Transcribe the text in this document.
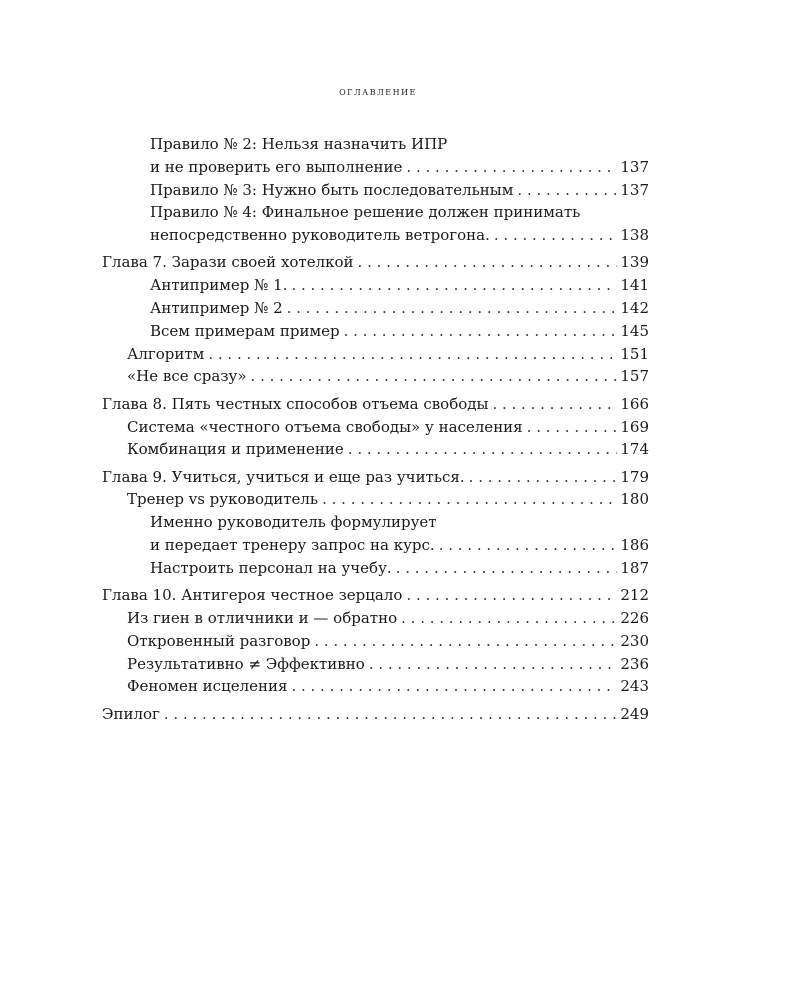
оглавление
Правило № 2: Нельзя назначить ИПР
и не проверить его выполнение . . .	137
Правило № 3: Нужно быть последовательным . . .	137
Правило № 4: Финальное решение должен принимать
непосредственно руководитель ветрогона. . . .	138
Глава 7. Зарази своей хотелкой . . .	139
Антипример № 1. . . .	141
Антипример № 2 . . .	142
Всем примерам пример . . .	145
Алгоритм . . .	151
«Не все сразу» . . .	157
Глава 8. Пять честных способов отъема свободы . . .	166
Система «честного отъема свободы» у населения . . .	169
Комбинация и применение . . .	174
Глава 9. Учиться, учиться и еще раз учиться. . . .	179
Тренер vs руководитель . . .	180
Именно руководитель формулирует
и передает тренеру запрос на курс. . . .	186
Настроить персонал на учебу. . . .	187
Глава 10. Антигероя честное зерцало . . .	212
Из гиен в отличники и — обратно . . .	226
Откровенный разговор . . .	230
Результативно ≠ Эффективно . . .	236
Феномен исцеления . . .	243
Эпилог . . .	249
